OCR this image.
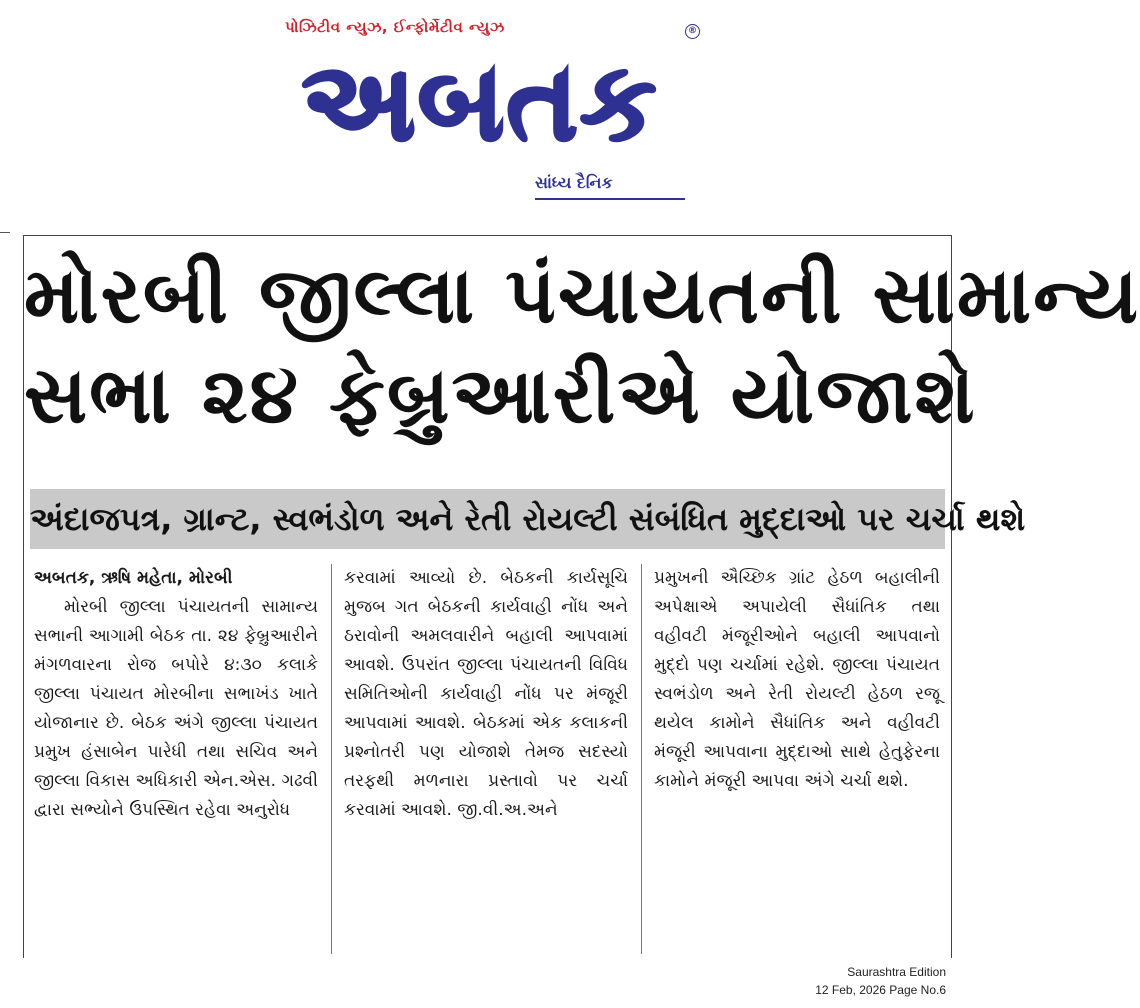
પોઝિટીવ ન્યુઝ, ઈન્ફોર્મેટીવ ન્યુઝ	®
અબતક
સાંધ્ય દૈનિક
મોરબી જીલ્લા પંચાયતની સામાન્ય
સભા ૨૪ ફેબ્રુઆરીએ યોજાશે
અંદાજપત્ર, ગ્રાન્ટ, સ્વભંડોળ અને રેતી રોયલ્ટી સંબંધિત મુદ્દાઓ પર ચર્ચા થશે
અબતક, ઋષિ મહેતા, મોરબી
મોરબી જીલ્લા પંચાયતની સામાન્ય સભાની આગામી બેઠક તા. ૨૪ ફેબ્રુઆરીને મંગળવારના રોજ બપોરે ૪:૩૦ કલાકે જીલ્લા પંચાયત મોરબીના સભાખંડ ખાતે યોજાનાર છે. બેઠક અંગે જીલ્લા પંચાયત પ્રમુખ હંસાબેન પારેધી તથા સચિવ અને જીલ્લા વિકાસ અધિકારી એન.એસ. ગઢવી દ્વારા સભ્યોને ઉપસ્થિત રહેવા અનુરોધ
કરવામાં આવ્યો છે. બેઠકની કાર્યસૂચિ મુજબ ગત બેઠકની કાર્યવાહી નોંધ અને ઠરાવોની અમલવારીને બહાલી આપવામાં આવશે. ઉપરાંત જીલ્લા પંચાયતની વિવિધ સમિતિઓની કાર્યવાહી નોંધ પર મંજૂરી આપવામાં આવશે. બેઠકમાં એક કલાકની પ્રશ્નોતરી પણ યોજાશે તેમજ સદસ્યો તરફથી મળનારા પ્રસ્તાવો પર ચર્ચા કરવામાં આવશે. જી.વી.અ.અને
પ્રમુખની ઐચ્છિક ગ્રાંટ હેઠળ બહાલીની અપેક્ષાએ અપાયેલી સૈધાંતિક તથા વહીવટી મંજૂરીઓને બહાલી આપવાનો મુદ્દો પણ ચર્ચામાં રહેશે. જીલ્લા પંચાયત સ્વભંડોળ અને રેતી રોયલ્ટી હેઠળ રજૂ થયેલ કામોને સૈધાંતિક અને વહીવટી મંજૂરી આપવાના મુદ્દાઓ સાથે હેતુફેરના કામોને મંજૂરી આપવા અંગે ચર્ચા થશે.
Saurashtra Edition
12 Feb, 2026 Page No.6
